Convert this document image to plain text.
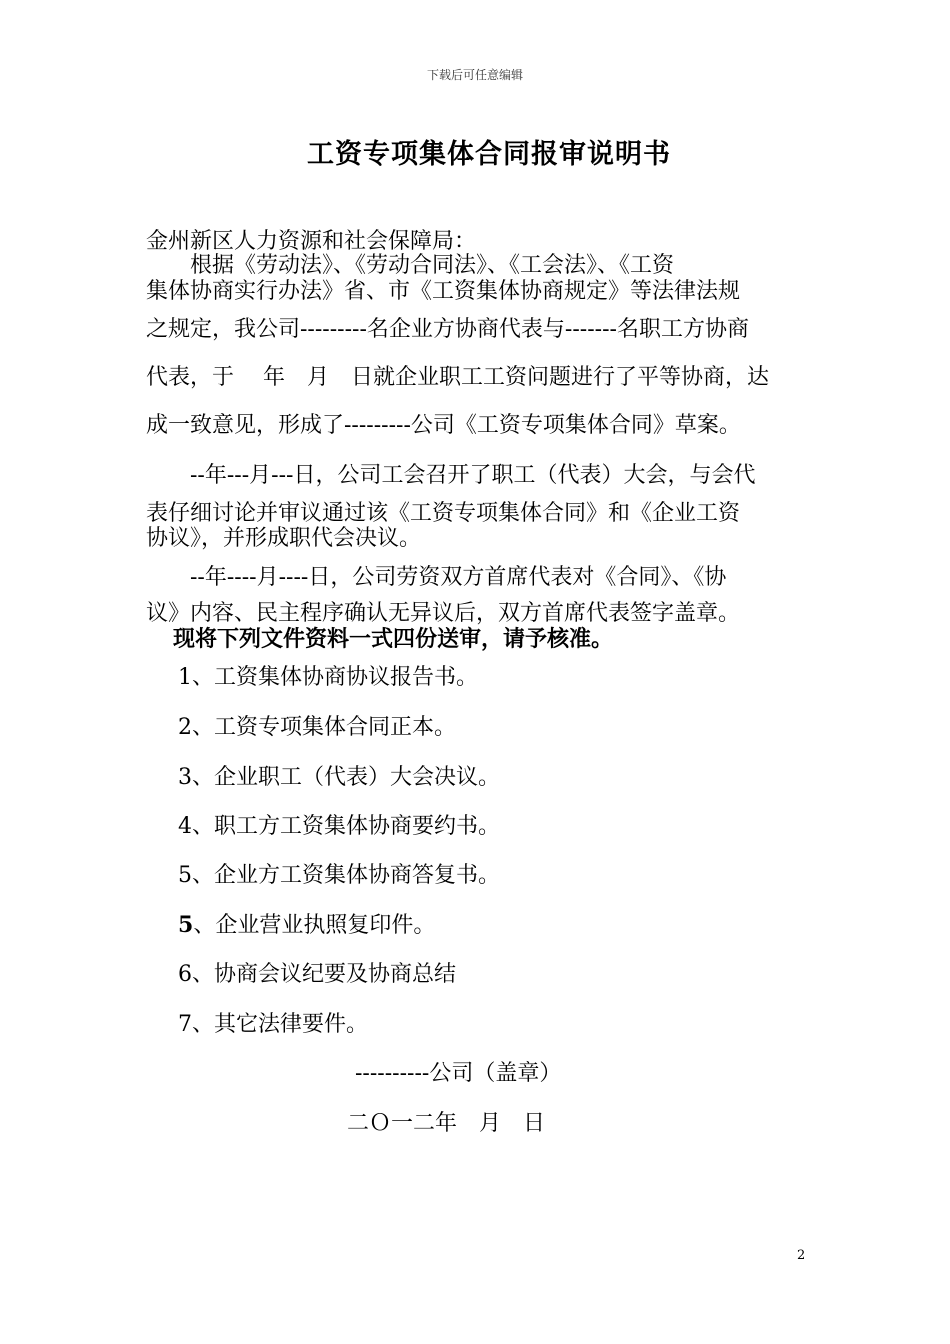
下载后可任意编辑
工资专项集体合同报审说明书
金州新区人力资源和社会保障局：
　　根据《劳动法》、《劳动合同法》、《工会法》、《工资
集体协商实行办法》省、市《工资集体协商规定》等法律法规
之规定，我公司---------名企业方协商代表与-------名职工方协商
代表，于　 年　月　日就企业职工工资问题进行了平等协商，达
成一致意见，形成了---------公司《工资专项集体合同》草案。
　　--年---月---日，公司工会召开了职工（代表）大会，与会代
表仔细讨论并审议通过该《工资专项集体合同》和《企业工资
协议》，并形成职代会决议。
　　--年----月----日，公司劳资双方首席代表对《合同》、《协
议》内容、民主程序确认无异议后，双方首席代表签字盖章。
现将下列文件资料一式四份送审，请予核准。
1、工资集体协商协议报告书。
2、工资专项集体合同正本。
3、企业职工（代表）大会决议。
4、职工方工资集体协商要约书。
5、企业方工资集体协商答复书。
5、企业营业执照复印件。
6、协商会议纪要及协商总结
7、其它法律要件。
----------公司（盖章）
二Ｏ一二年　月　日
2
